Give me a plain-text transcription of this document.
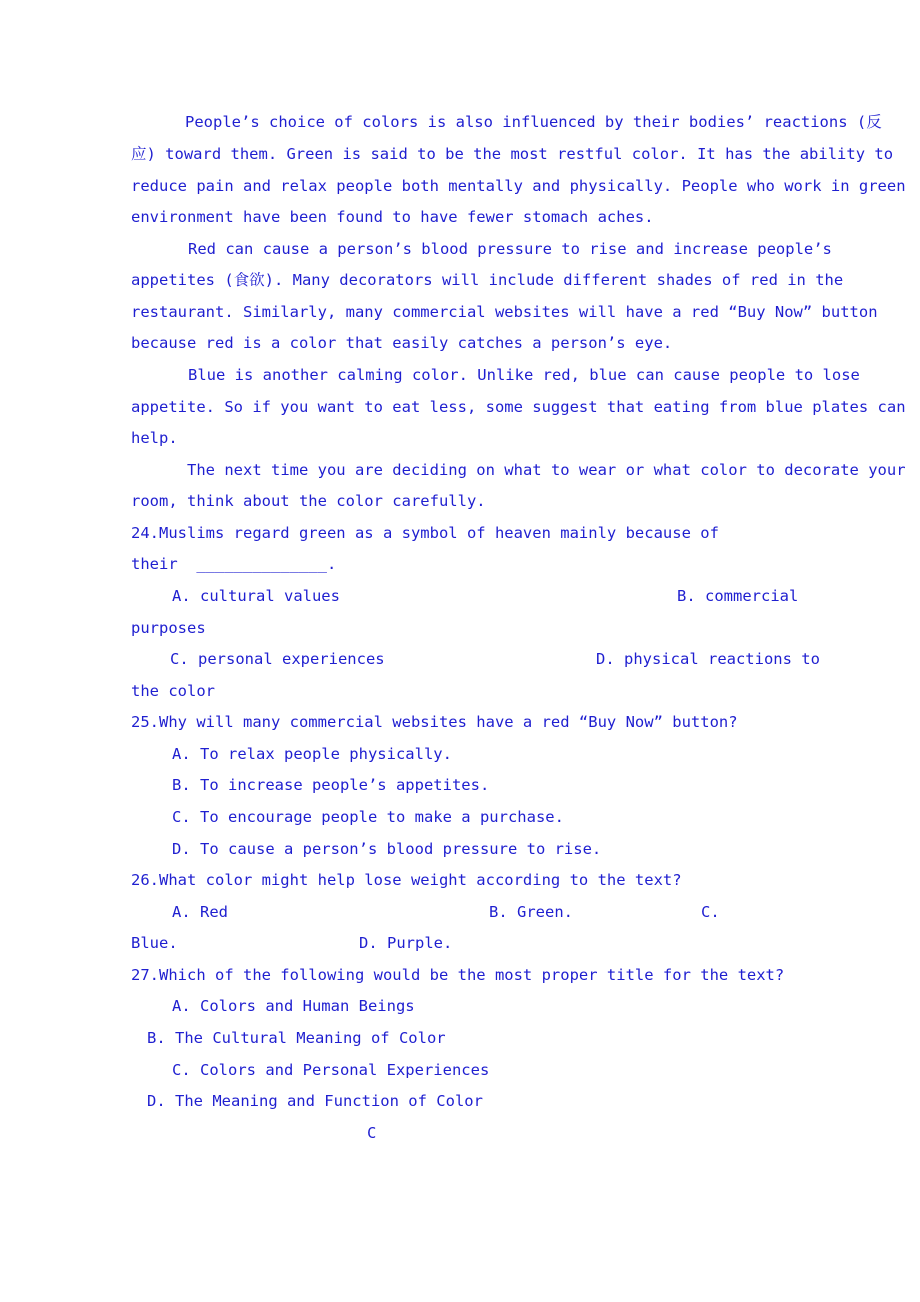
People’s choice of colors is also influenced by their bodies’ reactions (反
应) toward them. Green is said to be the most restful color. It has the ability to
reduce pain and relax people both mentally and physically. People who work in green
environment have been found to have fewer stomach aches.
Red can cause a person’s blood pressure to rise and increase people’s
appetites (食欲). Many decorators will include different shades of red in the
restaurant. Similarly, many commercial websites will have a red “Buy Now” button
because red is a color that easily catches a person’s eye.
Blue is another calming color. Unlike red, blue can cause people to lose
appetite. So if you want to eat less, some suggest that eating from blue plates can
help.
The next time you are deciding on what to wear or what color to decorate your
room, think about the color carefully.
24.Muslims regard green as a symbol of heaven mainly because of
their  ______________.
A. cultural values	B. commercial
purposes
C. personal experiences	D. physical reactions to
the color
25.Why will many commercial websites have a red “Buy Now” button?
A. To relax people physically.
B. To increase people’s appetites.
C. To encourage people to make a purchase.
D. To cause a person’s blood pressure to rise.
26.What color might help lose weight according to the text?
A. Red	B. Green.	C.
Blue.	D. Purple.
27.Which of the following would be the most proper title for the text?
A. Colors and Human Beings
B. The Cultural Meaning of Color
C. Colors and Personal Experiences
D. The Meaning and Function of Color
C
